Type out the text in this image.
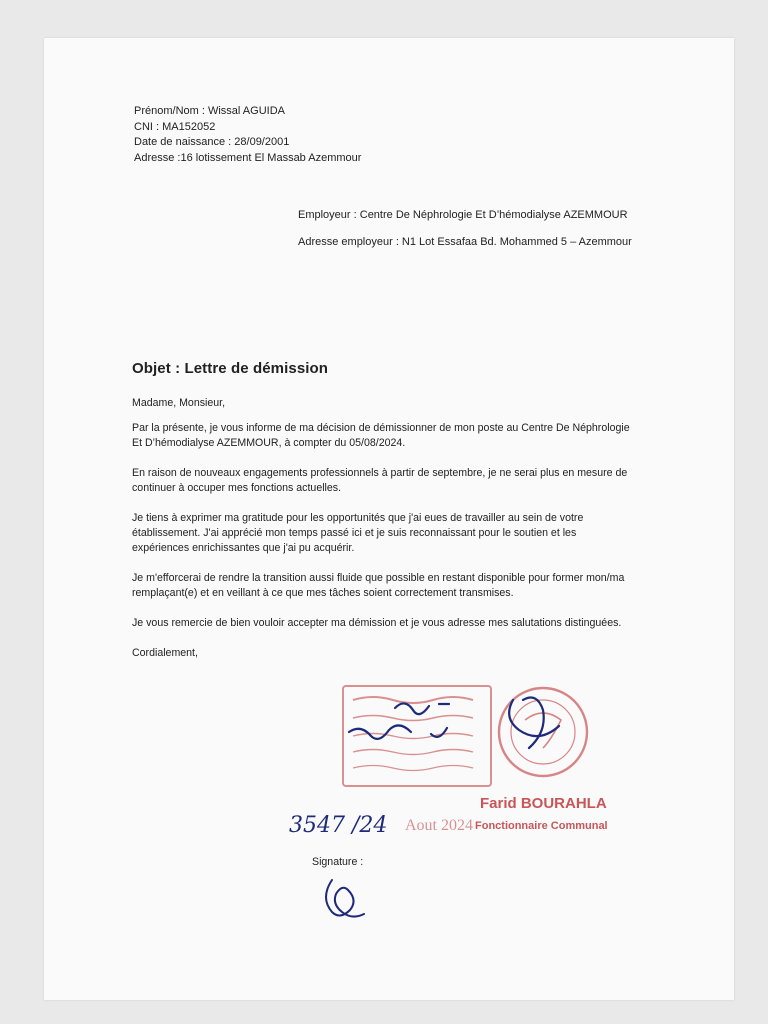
Prénom/Nom : Wissal AGUIDA
CNI : MA152052
Date de naissance : 28/09/2001
Adresse :16 lotissement El Massab Azemmour
Employeur : Centre De Néphrologie Et D’hémodialyse AZEMMOUR
Adresse employeur : N1 Lot Essafaa Bd. Mohammed 5 – Azemmour
Objet : Lettre de démission

Madame, Monsieur,

Par la présente, je vous informe de ma décision de démissionner de mon poste au Centre De Néphrologie Et D’hémodialyse AZEMMOUR, à compter du 05/08/2024.

En raison de nouveaux engagements professionnels à partir de septembre, je ne serai plus en mesure de continuer à occuper mes fonctions actuelles.

Je tiens à exprimer ma gratitude pour les opportunités que j'ai eues de travailler au sein de votre établissement. J'ai apprécié mon temps passé ici et je suis reconnaissant pour le soutien et les expériences enrichissantes que j'ai pu acquérir.

Je m'efforcerai de rendre la transition aussi fluide que possible en restant disponible pour former mon/ma remplaçant(e) et en veillant à ce que mes tâches soient correctement transmises.

Je vous remercie de bien vouloir accepter ma démission et je vous adresse mes salutations distinguées.

Cordialement,

3547 /24 Aout 2024
Farid BOURAHLA
Fonctionnaire Communal
Signature :
